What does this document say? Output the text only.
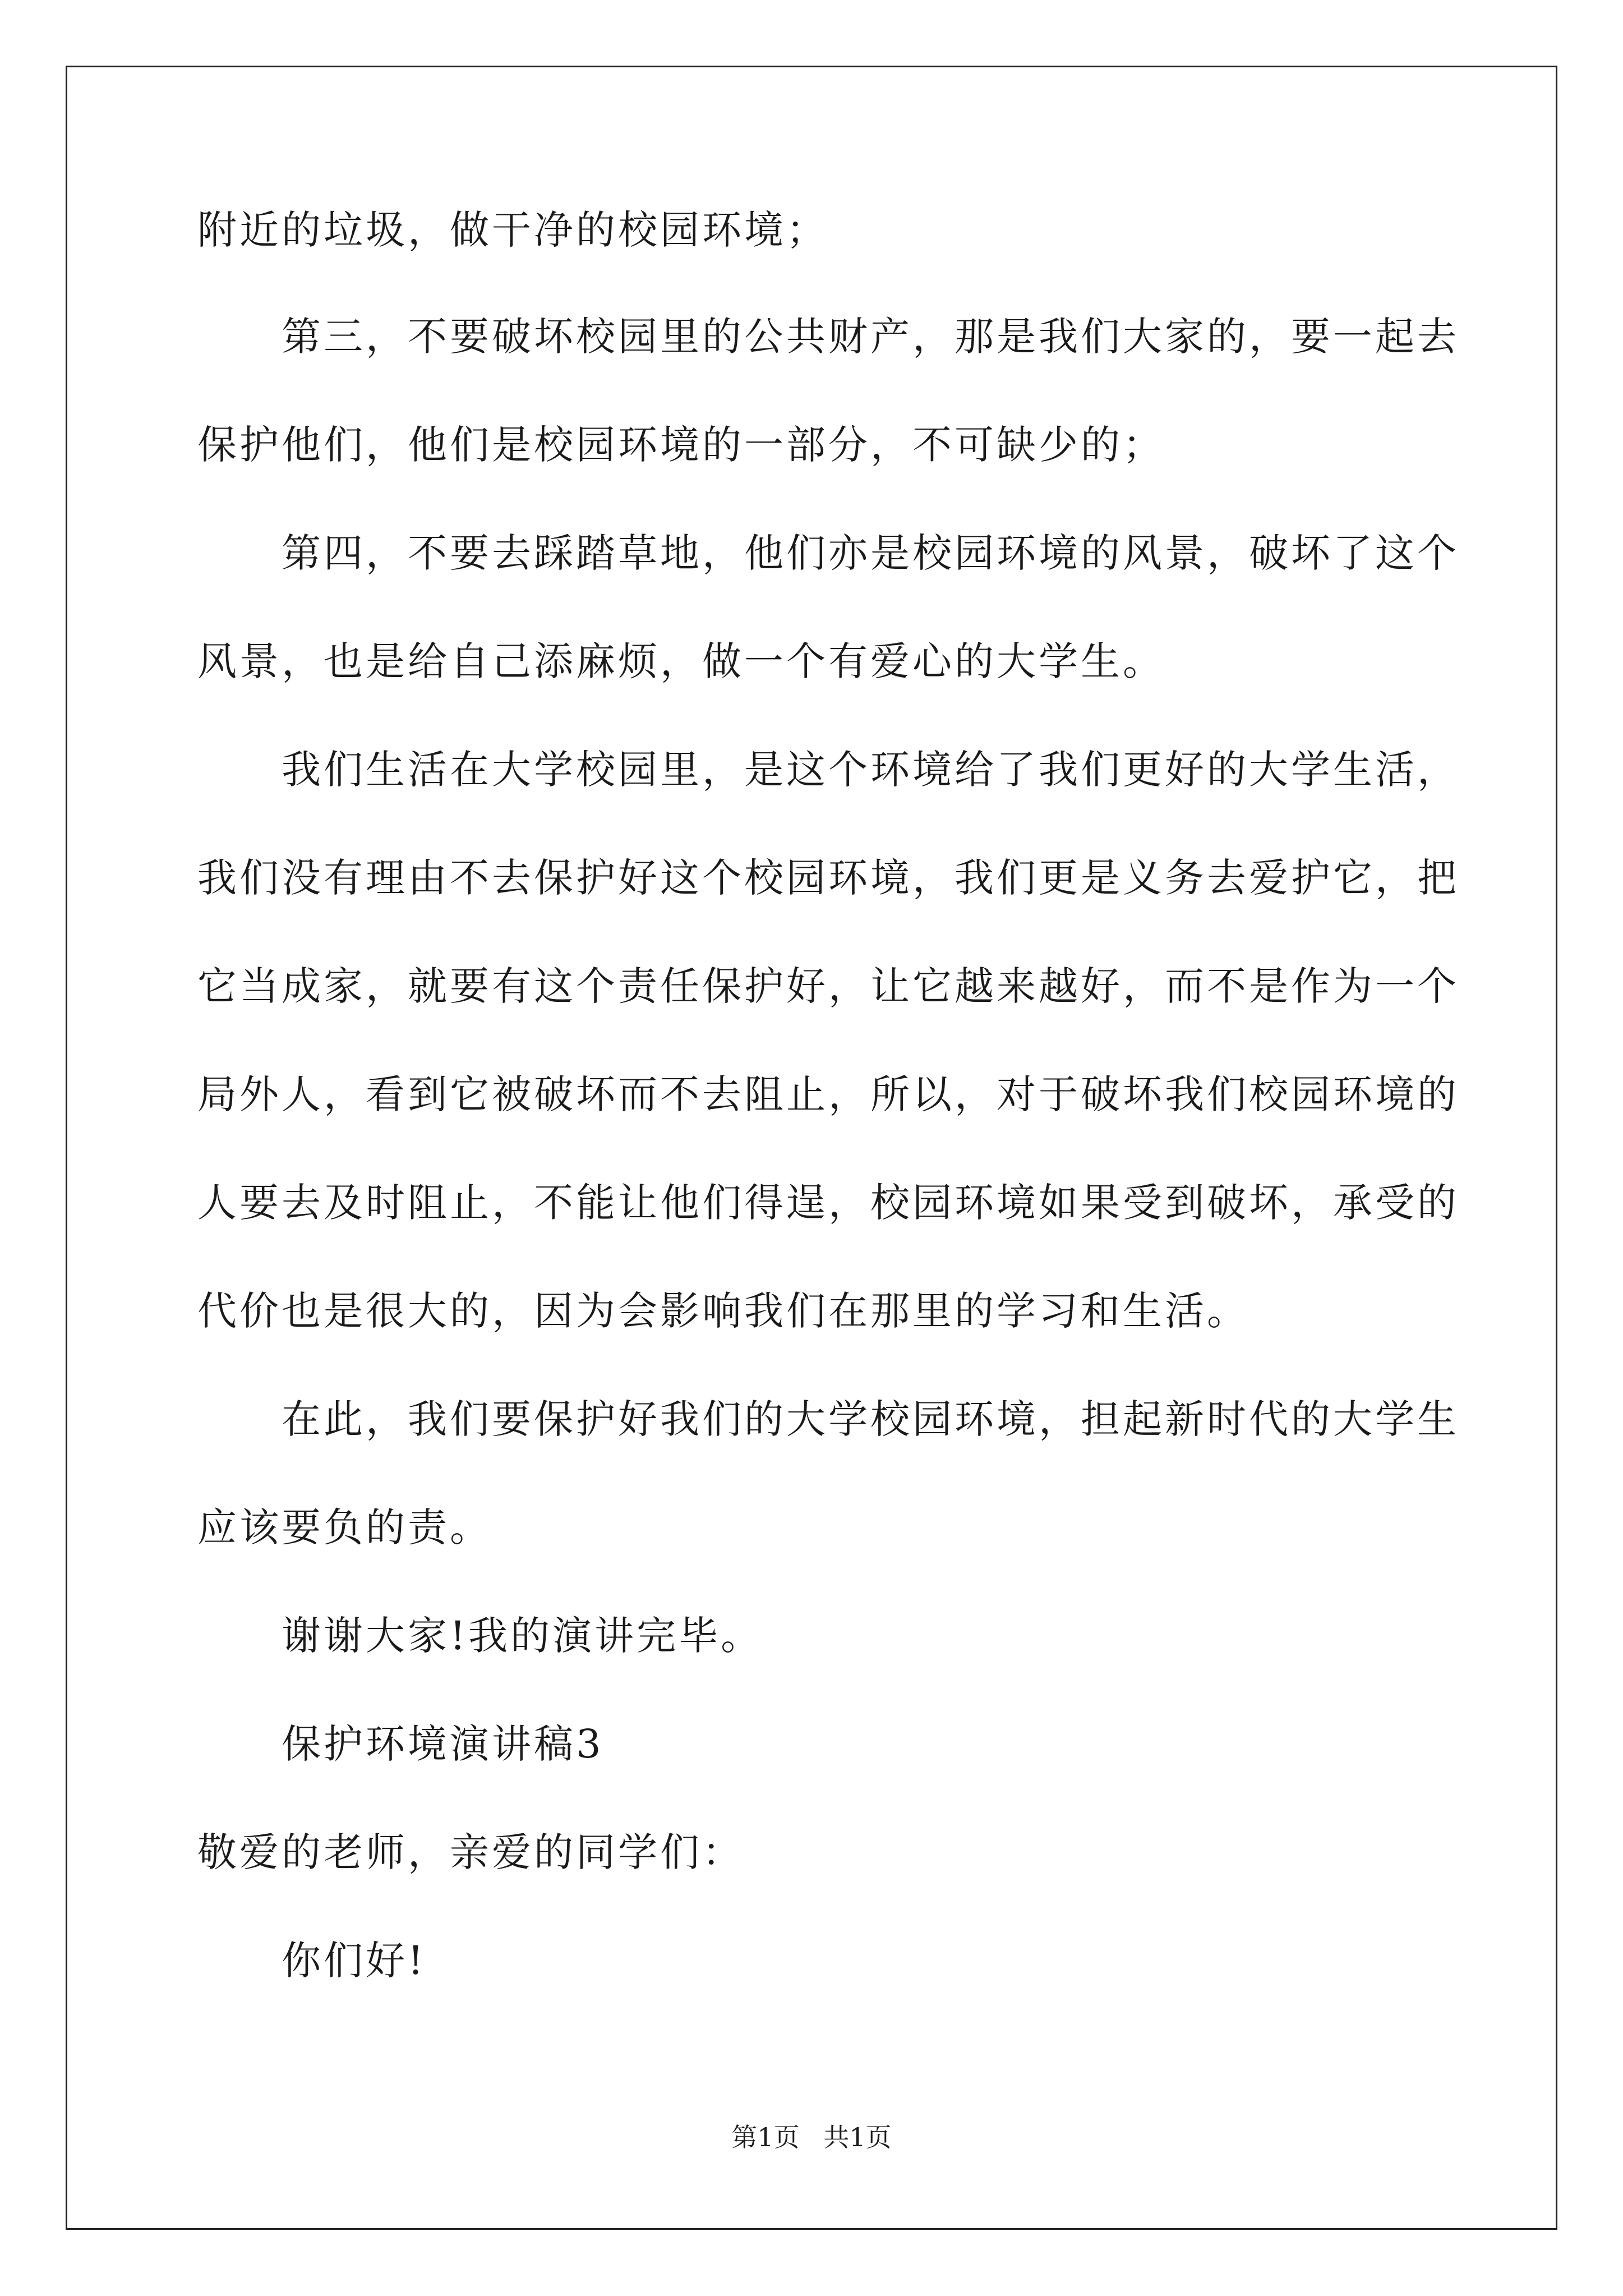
附近的垃圾，做干净的校园环境；
第三，不要破坏校园里的公共财产，那是我们大家的，要一起去
保护他们，他们是校园环境的一部分，不可缺少的；
第四，不要去踩踏草地，他们亦是校园环境的风景，破坏了这个
风景，也是给自己添麻烦，做一个有爱心的大学生。
我们生活在大学校园里，是这个环境给了我们更好的大学生活，
我们没有理由不去保护好这个校园环境，我们更是义务去爱护它，把
它当成家，就要有这个责任保护好，让它越来越好，而不是作为一个
局外人，看到它被破坏而不去阻止，所以，对于破坏我们校园环境的
人要去及时阻止，不能让他们得逞，校园环境如果受到破坏，承受的
代价也是很大的，因为会影响我们在那里的学习和生活。
在此，我们要保护好我们的大学校园环境，担起新时代的大学生
应该要负的责。
谢谢大家!我的演讲完毕。
保护环境演讲稿3
敬爱的老师，亲爱的同学们：
你们好!
第1页 共1页
